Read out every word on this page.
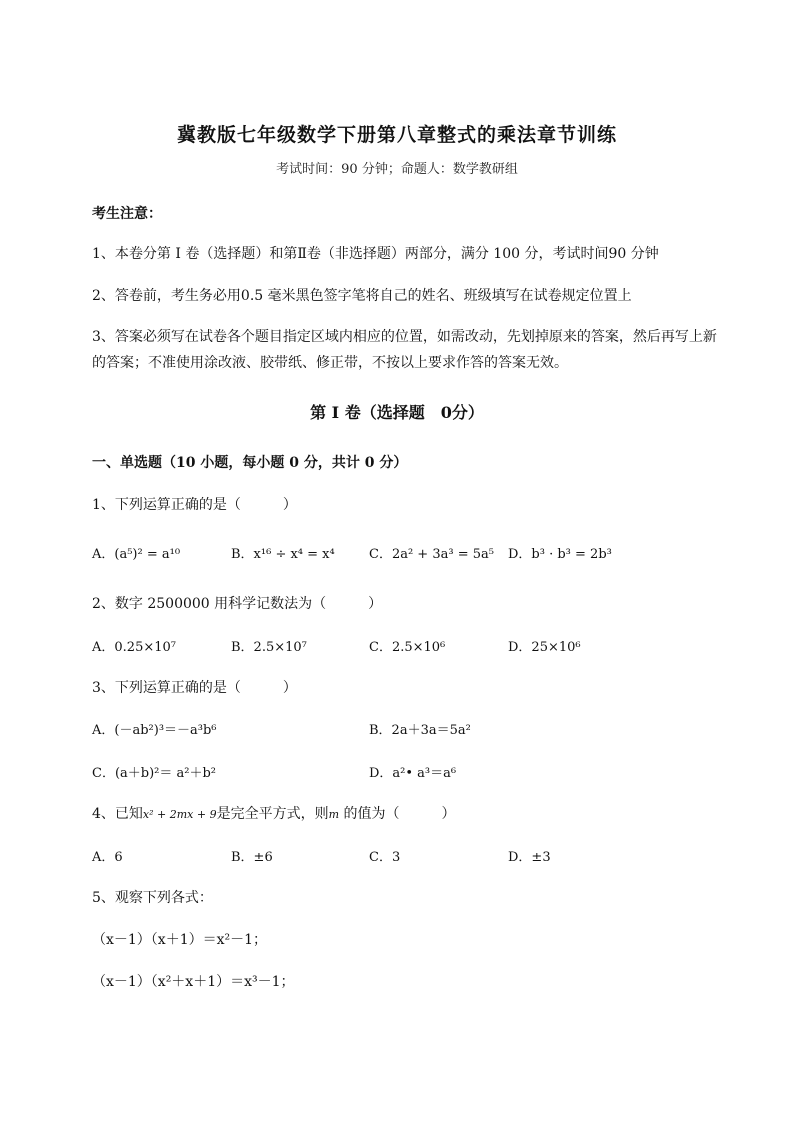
冀教版七年级数学下册第八章整式的乘法章节训练
考试时间：90 分钟；命题人：数学教研组
考生注意：
1、本卷分第 I 卷（选择题）和第Ⅱ卷（非选择题）两部分，满分 100 分，考试时间90 分钟
2、答卷前，考生务必用0.5 毫米黑色签字笔将自己的姓名、班级填写在试卷规定位置上
3、答案必须写在试卷各个题目指定区域内相应的位置，如需改动，先划掉原来的答案，然后再写上新
的答案；不准使用涂改液、胶带纸、修正带，不按以上要求作答的答案无效。
第 I 卷（选择题　0分）
一、单选题（10 小题，每小题 0 分，共计 0 分）
1、下列运算正确的是（　　　）
A．(a⁵)² = a¹⁰	B．x¹⁶ ÷ x⁴ = x⁴	C．2a² + 3a³ = 5a⁵ D．b³ · b³ = 2b³
2、数字 2500000 用科学记数法为（　　　）
A．0.25×10⁷	B．2.5×10⁷	C．2.5×10⁶	D．25×10⁶
3、下列运算正确的是（　　　）
A．(－ab²)³＝－a³b⁶	B．2a＋3a＝5a²
C．(a＋b)²＝ a²＋b²	D．a²• a³＝a⁶
4、已知x² + 2mx + 9是完全平方式，则m 的值为（　　　）
A．6	B．±6	C．3	D．±3
5、观察下列各式：
（x－1）（x＋1）＝x²－1；
（x－1）（x²＋x＋1）＝x³－1；
